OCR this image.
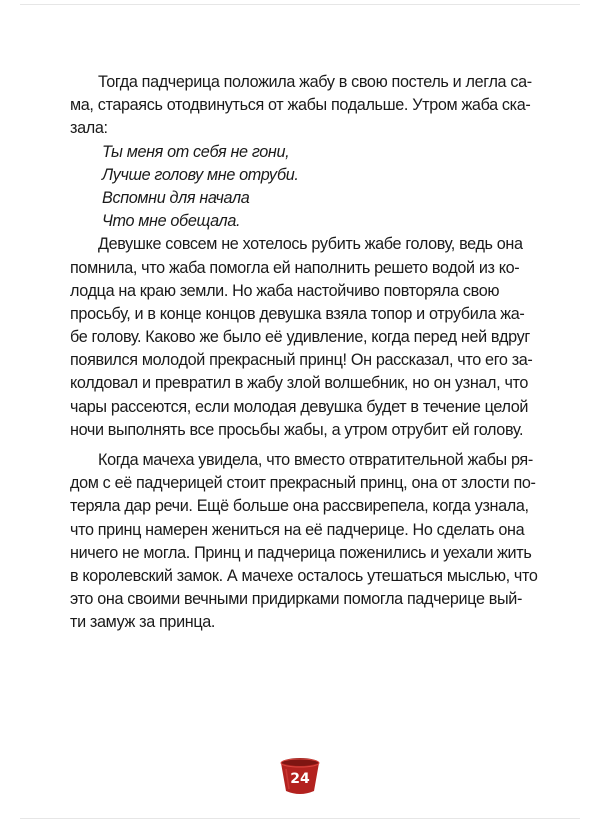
Тогда падчерица положила жабу в свою постель и легла са-
ма, стараясь отодвинуться от жабы подальше. Утром жаба ска-
зала:
Ты меня от себя не гони,
Лучше голову мне отруби.
Вспомни для начала
Что мне обещала.
Девушке совсем не хотелось рубить жабе голову, ведь она
помнила, что жаба помогла ей наполнить решето водой из ко-
лодца на краю земли. Но жаба настойчиво повторяла свою
просьбу, и в конце концов девушка взяла топор и отрубила жа-
бе голову. Каково же было её удивление, когда перед ней вдруг
появился молодой прекрасный принц! Он рассказал, что его за-
колдовал и превратил в жабу злой волшебник, но он узнал, что
чары рассеются, если молодая девушка будет в течение целой
ночи выполнять все просьбы жабы, а утром отрубит ей голову.
Когда мачеха увидела, что вместо отвратительной жабы ря-
дом с её падчерицей стоит прекрасный принц, она от злости по-
теряла дар речи. Ещё больше она рассвирепела, когда узнала,
что принц намерен жениться на её падчерице. Но сделать она
ничего не могла. Принц и падчерица поженились и уехали жить
в королевский замок. А мачехе осталось утешаться мыслью, что
это она своими вечными придирками помогла падчерице вый-
ти замуж за принца.
24
